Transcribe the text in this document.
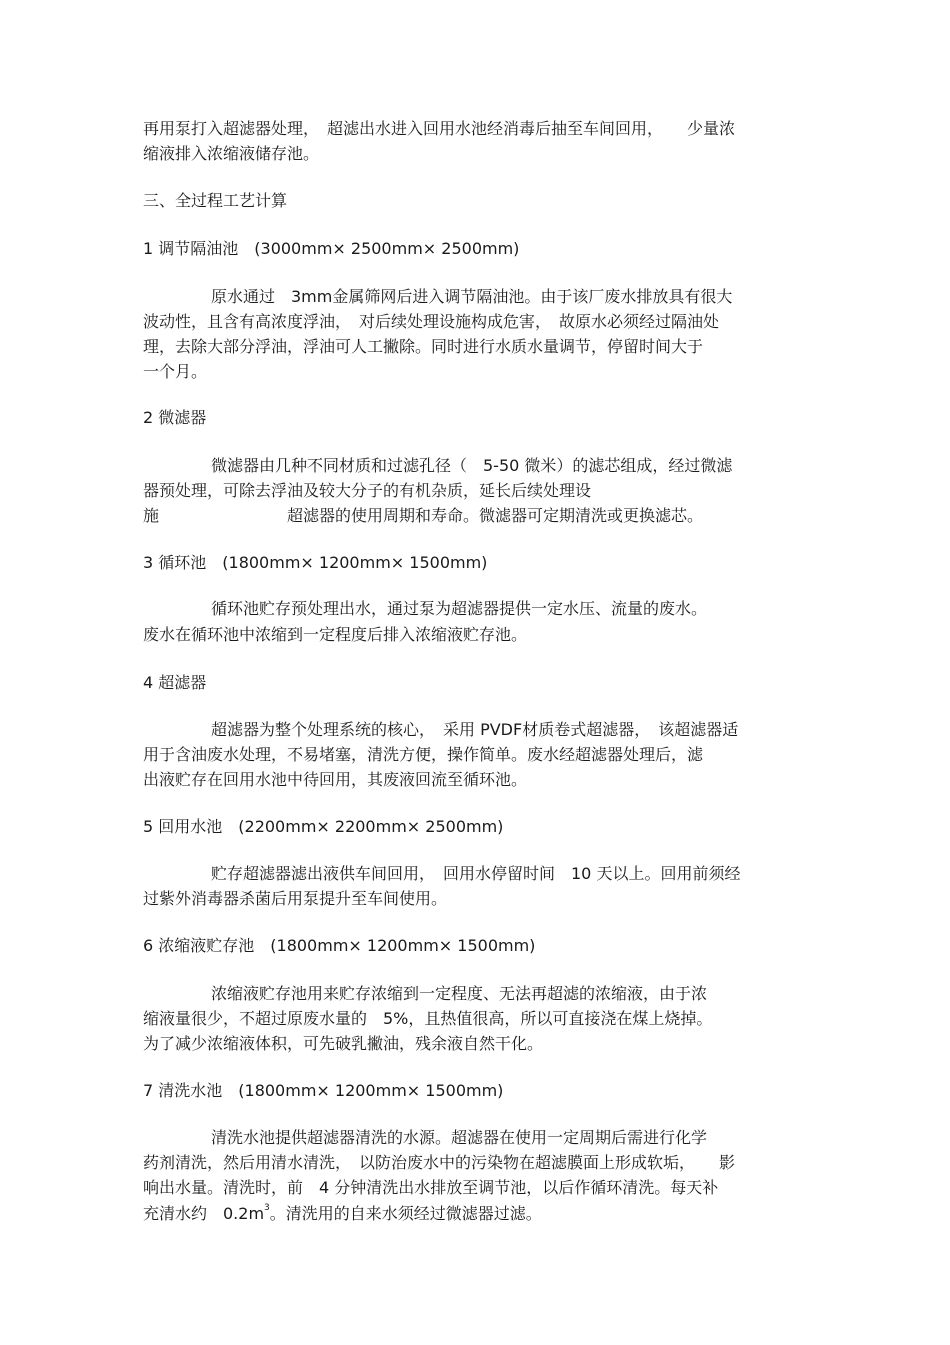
再用泵打入超滤器处理，　超滤出水进入回用水池经消毒后抽至车间回用，　　少量浓
缩液排入浓缩液储存池。
三、全过程工艺计算
1 调节隔油池　(3000mm× 2500mm× 2500mm)
原水通过　3mm金属筛网后进入调节隔油池。由于该厂废水排放具有很大
波动性，且含有高浓度浮油，　对后续处理设施构成危害，　故原水必须经过隔油处
理，去除大部分浮油，浮油可人工撇除。同时进行水质水量调节，停留时间大于
一个月。
2 微滤器
微滤器由几种不同材质和过滤孔径（　5-50 微米）的滤芯组成，经过微滤
器预处理，可除去浮油及较大分子的有机杂质，延长后续处理设
施　　　　　　　　超滤器的使用周期和寿命。微滤器可定期清洗或更换滤芯。
3 循环池　(1800mm× 1200mm× 1500mm)
循环池贮存预处理出水，通过泵为超滤器提供一定水压、流量的废水。
废水在循环池中浓缩到一定程度后排入浓缩液贮存池。
4 超滤器
超滤器为整个处理系统的核心，　采用 PVDF材质卷式超滤器，　该超滤器适
用于含油废水处理，不易堵塞，清洗方便，操作简单。废水经超滤器处理后，滤
出液贮存在回用水池中待回用，其废液回流至循环池。
5 回用水池　(2200mm× 2200mm× 2500mm)
贮存超滤器滤出液供车间回用，　回用水停留时间　10 天以上。回用前须经
过紫外消毒器杀菌后用泵提升至车间使用。
6 浓缩液贮存池　(1800mm× 1200mm× 1500mm)
浓缩液贮存池用来贮存浓缩到一定程度、无法再超滤的浓缩液，由于浓
缩液量很少，不超过原废水量的　5%，且热值很高，所以可直接浇在煤上烧掉。
为了减少浓缩液体积，可先破乳撇油，残余液自然干化。
7 清洗水池　(1800mm× 1200mm× 1500mm)
清洗水池提供超滤器清洗的水源。超滤器在使用一定周期后需进行化学
药剂清洗，然后用清水清洗，　以防治废水中的污染物在超滤膜面上形成软垢，　　影
响出水量。清洗时，前　4 分钟清洗出水排放至调节池，以后作循环清洗。每天补
充清水约　$0.2m^3$。清洗用的自来水须经过微滤器过滤。
